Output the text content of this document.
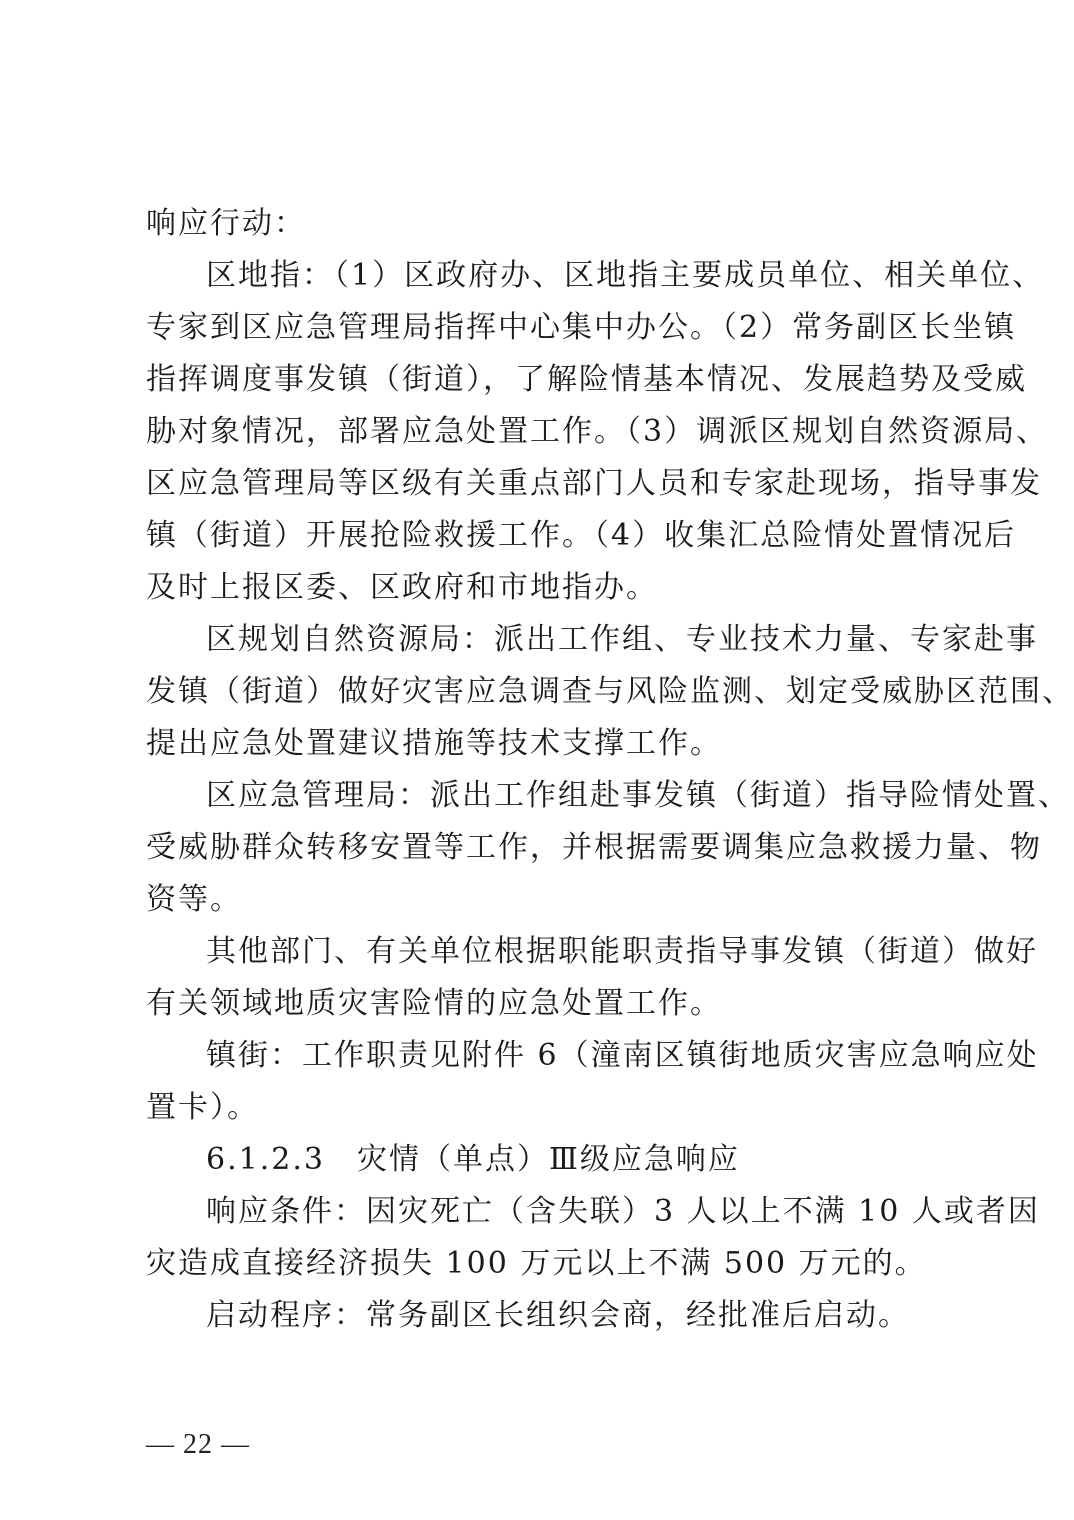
响应行动：
区地指：（1）区政府办、区地指主要成员单位、相关单位、
专家到区应急管理局指挥中心集中办公。（2）常务副区长坐镇
指挥调度事发镇（街道），了解险情基本情况、发展趋势及受威
胁对象情况，部署应急处置工作。（3）调派区规划自然资源局、
区应急管理局等区级有关重点部门人员和专家赴现场，指导事发
镇（街道）开展抢险救援工作。（4）收集汇总险情处置情况后
及时上报区委、区政府和市地指办。
区规划自然资源局：派出工作组、专业技术力量、专家赴事
发镇（街道）做好灾害应急调查与风险监测、划定受威胁区范围、
提出应急处置建议措施等技术支撑工作。
区应急管理局：派出工作组赴事发镇（街道）指导险情处置、
受威胁群众转移安置等工作，并根据需要调集应急救援力量、物
资等。
其他部门、有关单位根据职能职责指导事发镇（街道）做好
有关领域地质灾害险情的应急处置工作。
镇街：工作职责见附件 6（潼南区镇街地质灾害应急响应处
置卡）。
6.1.2.3　灾情（单点）Ⅲ级应急响应
响应条件：因灾死亡（含失联）3 人以上不满 10 人或者因
灾造成直接经济损失 100 万元以上不满 500 万元的。
启动程序：常务副区长组织会商，经批准后启动。
— 22 —
